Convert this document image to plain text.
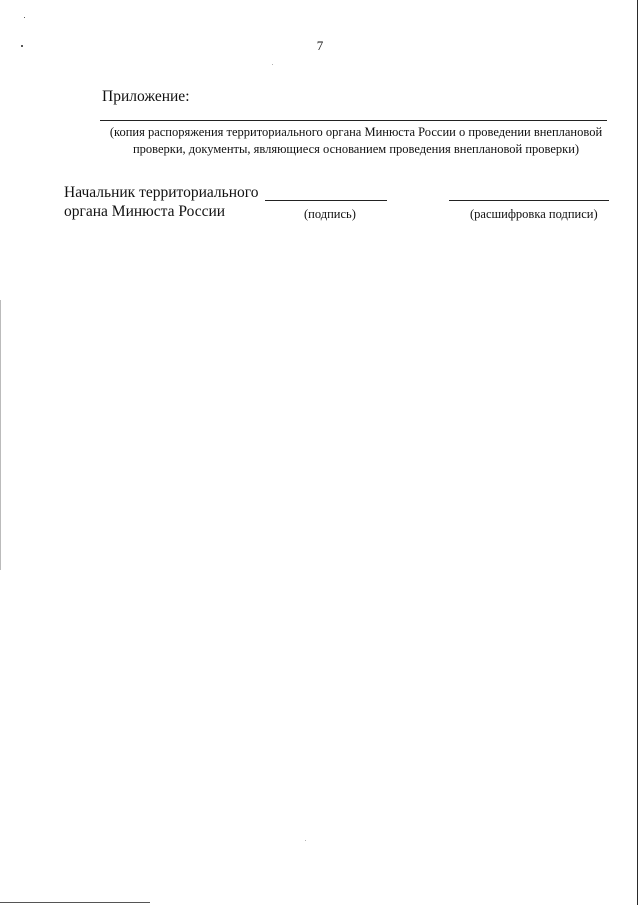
7
Приложение:
(копия распоряжения территориального органа Минюста России о проведении внеплановой
проверки, документы, являющиеся основанием проведения внеплановой проверки)
Начальник территориального
органа Минюста России	(подпись)	(расшифровка подписи)
